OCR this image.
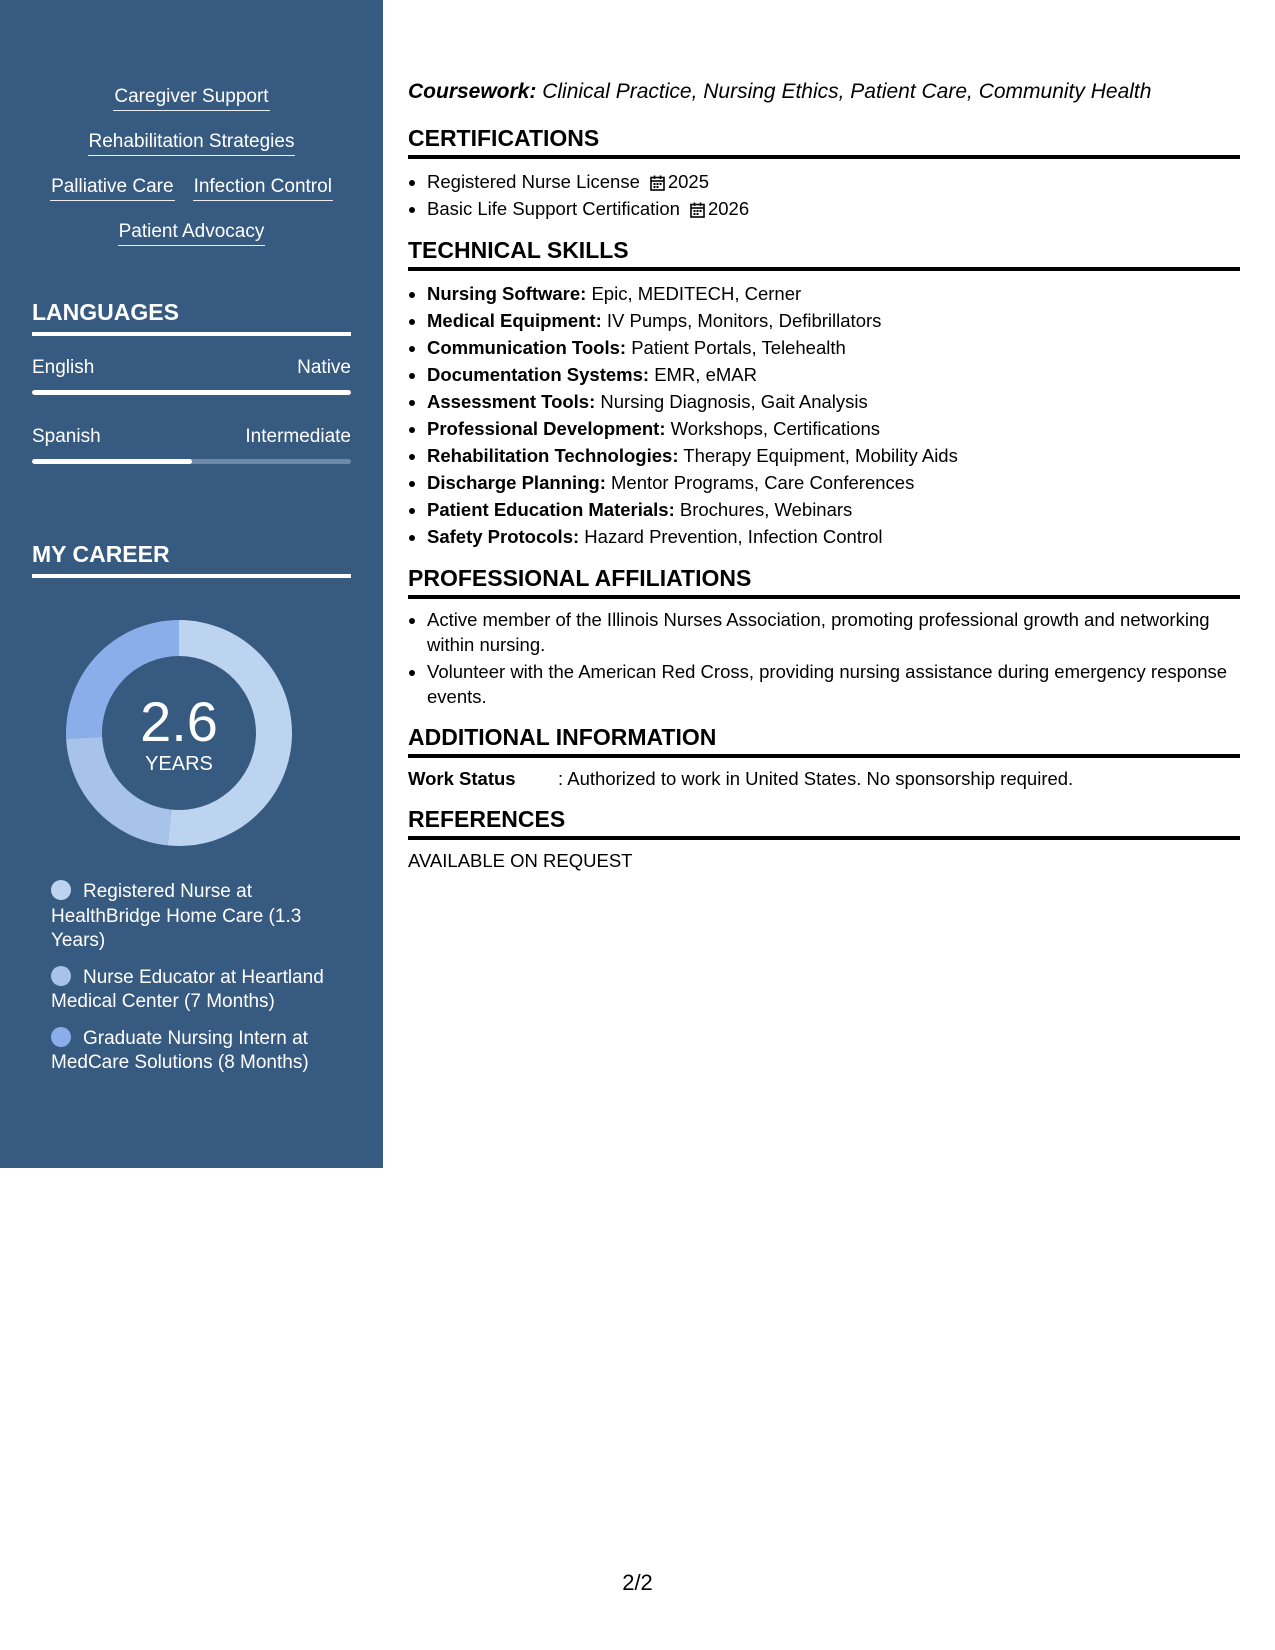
Caregiver Support
Rehabilitation Strategies
Palliative Care Infection Control
Patient Advocacy
LANGUAGES
English	Native
Spanish	Intermediate
MY CAREER
2.6
YEARS
Registered Nurse at HealthBridge Home Care (1.3 Years)
Nurse Educator at Heartland Medical Center (7 Months)
Graduate Nursing Intern at MedCare Solutions (8 Months)
Coursework: Clinical Practice, Nursing Ethics, Patient Care, Community Health
CERTIFICATIONS
• Registered Nurse License 2025
• Basic Life Support Certification 2026
TECHNICAL SKILLS
• Nursing Software: Epic, MEDITECH, Cerner
• Medical Equipment: IV Pumps, Monitors, Defibrillators
• Communication Tools: Patient Portals, Telehealth
• Documentation Systems: EMR, eMAR
• Assessment Tools: Nursing Diagnosis, Gait Analysis
• Professional Development: Workshops, Certifications
• Rehabilitation Technologies: Therapy Equipment, Mobility Aids
• Discharge Planning: Mentor Programs, Care Conferences
• Patient Education Materials: Brochures, Webinars
• Safety Protocols: Hazard Prevention, Infection Control
PROFESSIONAL AFFILIATIONS
• Active member of the Illinois Nurses Association, promoting professional growth and networking within nursing.
• Volunteer with the American Red Cross, providing nursing assistance during emergency response events.
ADDITIONAL INFORMATION
Work Status	: Authorized to work in United States. No sponsorship required.
REFERENCES
AVAILABLE ON REQUEST
2/2
